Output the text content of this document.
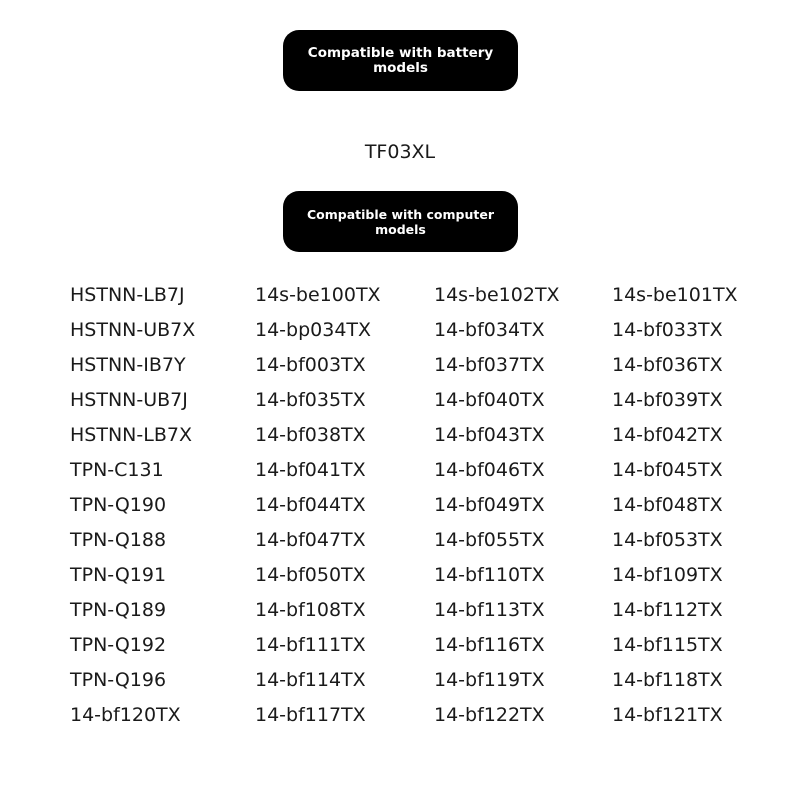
Compatible with battery models
TF03XL
Compatible with computer models
HSTNN-LB7J	14s-be100TX	14s-be102TX	14s-be101TX
HSTNN-UB7X	14-bp034TX	14-bf034TX	14-bf033TX
HSTNN-IB7Y	14-bf003TX	14-bf037TX	14-bf036TX
HSTNN-UB7J	14-bf035TX	14-bf040TX	14-bf039TX
HSTNN-LB7X	14-bf038TX	14-bf043TX	14-bf042TX
TPN-C131	14-bf041TX	14-bf046TX	14-bf045TX
TPN-Q190	14-bf044TX	14-bf049TX	14-bf048TX
TPN-Q188	14-bf047TX	14-bf055TX	14-bf053TX
TPN-Q191	14-bf050TX	14-bf110TX	14-bf109TX
TPN-Q189	14-bf108TX	14-bf113TX	14-bf112TX
TPN-Q192	14-bf111TX	14-bf116TX	14-bf115TX
TPN-Q196	14-bf114TX	14-bf119TX	14-bf118TX
14-bf120TX	14-bf117TX	14-bf122TX	14-bf121TX
